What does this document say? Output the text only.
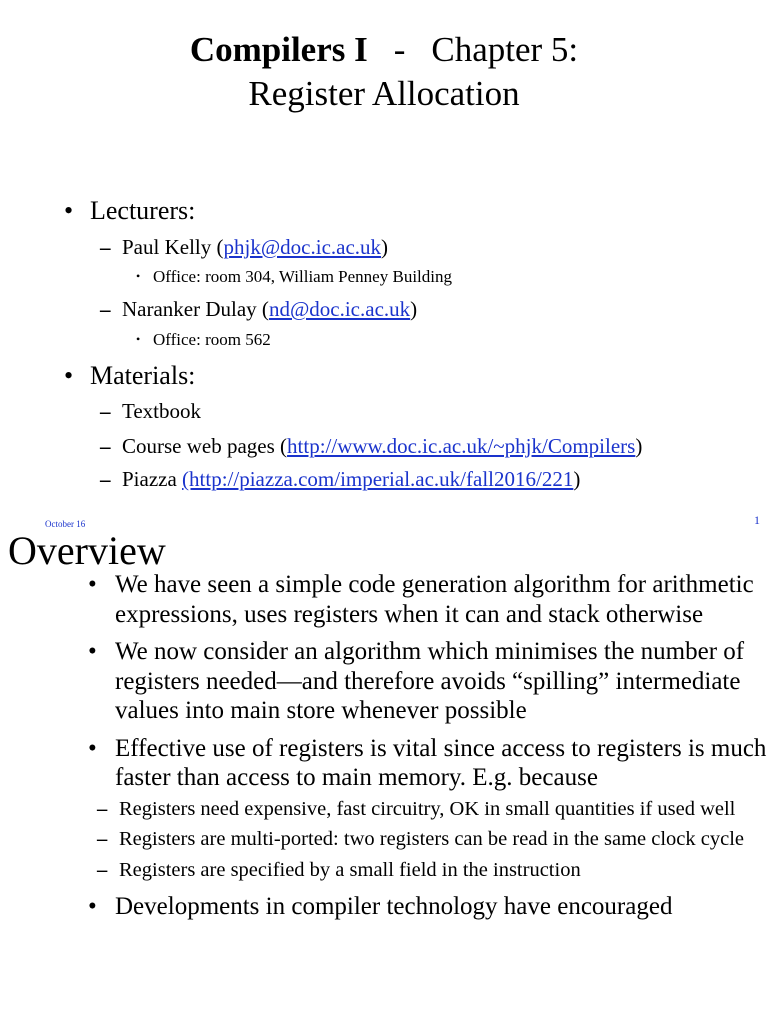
Compilers I - Chapter 5:
Register Allocation
• Lecturers:
– Paul Kelly (phjk@doc.ic.ac.uk)
• Office: room 304, William Penney Building
– Naranker Dulay (nd@doc.ic.ac.uk)
• Office: room 562
• Materials:
– Textbook
– Course web pages (http://www.doc.ic.ac.uk/~phjk/Compilers)
– Piazza (http://piazza.com/imperial.ac.uk/fall2016/221)
October 16	1
Overview
• We have seen a simple code generation algorithm for arithmetic expressions, uses registers when it can and stack otherwise
• We now consider an algorithm which minimises the number of registers needed—and therefore avoids “spilling” intermediate values into main store whenever possible
• Effective use of registers is vital since access to registers is much faster than access to main memory. E.g. because
– Registers need expensive, fast circuitry, OK in small quantities if used well
– Registers are multi-ported: two registers can be read in the same clock cycle
– Registers are specified by a small field in the instruction
• Developments in compiler technology have encouraged
